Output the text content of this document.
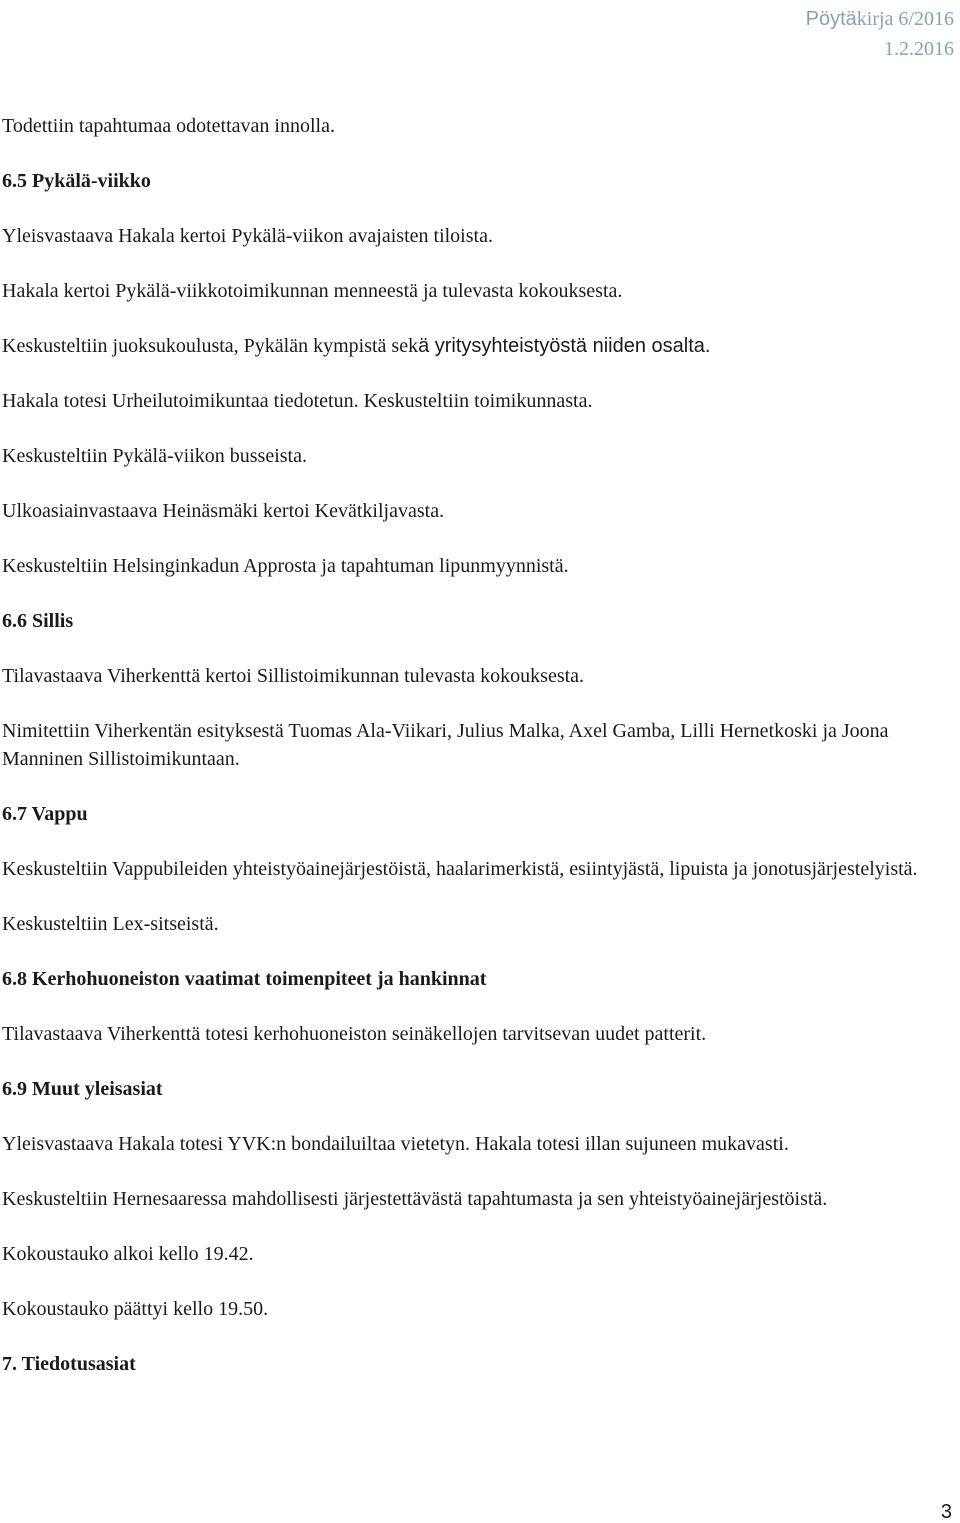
Pöytäkirja 6/2016
1.2.2016

Todettiin tapahtumaa odotettavan innolla.

6.5 Pykälä-viikko

Yleisvastaava Hakala kertoi Pykälä-viikon avajaisten tiloista.

Hakala kertoi Pykälä-viikkotoimikunnan menneestä ja tulevasta kokouksesta.

Keskusteltiin juoksukoulusta, Pykälän kympistä sekä yritysyhteistyöstä niiden osalta.

Hakala totesi Urheilutoimikuntaa tiedotetun. Keskusteltiin toimikunnasta.

Keskusteltiin Pykälä-viikon busseista.

Ulkoasiainvastaava Heinäsmäki kertoi Kevätkiljavasta.

Keskusteltiin Helsinginkadun Approsta ja tapahtuman lipunmyynnistä.

6.6 Sillis

Tilavastaava Viherkenttä kertoi Sillistoimikunnan tulevasta kokouksesta.

Nimitettiin Viherkentän esityksestä Tuomas Ala-Viikari, Julius Malka, Axel Gamba, Lilli Hernetkoski ja Joona Manninen Sillistoimikuntaan.

6.7 Vappu

Keskusteltiin Vappubileiden yhteistyöainejärjestöistä, haalarimerkistä, esiintyjästä, lipuista ja jonotusjärjestelyistä.

Keskusteltiin Lex-sitseistä.

6.8 Kerhohuoneiston vaatimat toimenpiteet ja hankinnat

Tilavastaava Viherkenttä totesi kerhohuoneiston seinäkellojen tarvitsevan uudet patterit.

6.9 Muut yleisasiat

Yleisvastaava Hakala totesi YVK:n bondailuiltaa vietetyn. Hakala totesi illan sujuneen mukavasti.

Keskusteltiin Hernesaaressa mahdollisesti järjestettävästä tapahtumasta ja sen yhteistyöainejärjestöistä.

Kokoustauko alkoi kello 19.42.

Kokoustauko päättyi kello 19.50.

7. Tiedotusasiat

3
